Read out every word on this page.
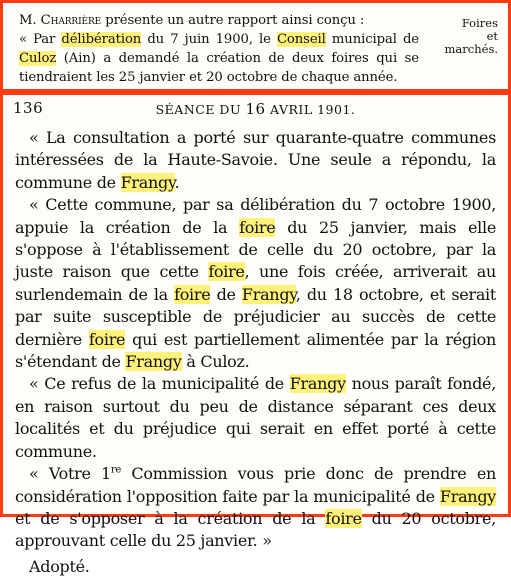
M. Charrière présente un autre rapport ainsi conçu :

« Par délibération du 7 juin 1900, le Conseil municipal de Culoz (Ain) a demandé la création de deux foires qui se tiendraient les 25 janvier et 20 octobre de chaque année.

Foires
et marchés.
136	SÉANCE DU 16 AVRIL 1901.

« La consultation a porté sur quarante-quatre communes intéressées de la Haute-Savoie. Une seule a répondu, la commune de Frangy.

« Cette commune, par sa délibération du 7 octobre 1900, appuie la création de la foire du 25 janvier, mais elle s'oppose à l'établissement de celle du 20 octobre, par la juste raison que cette foire, une fois créée, arriverait au surlendemain de la foire de Frangy, du 18 octobre, et serait par suite susceptible de préjudicier au succès de cette dernière foire qui est partiellement alimentée par la région s'étendant de Frangy à Culoz.

« Ce refus de la municipalité de Frangy nous paraît fondé, en raison surtout du peu de distance séparant ces deux localités et du préjudice qui serait en effet porté à cette commune.

« Votre 1re Commission vous prie donc de prendre en considération l'opposition faite par la municipalité de Frangy et de s'opposer à la création de la foire du 20 octobre, approuvant celle du 25 janvier. »

Adopté.
